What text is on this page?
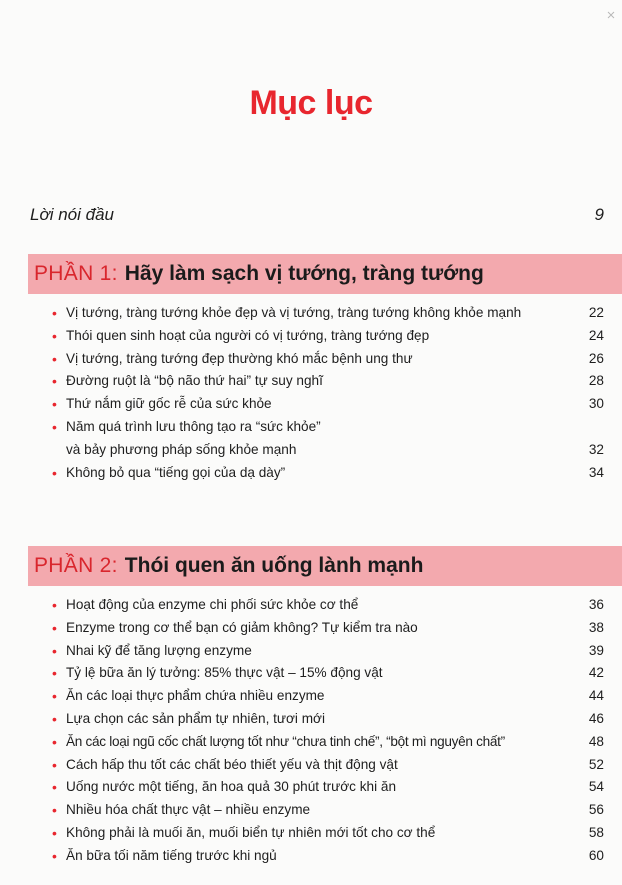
Mục lục
Lời nói đầu	9
PHẦN 1: Hãy làm sạch vị tướng, tràng tướng
• Vị tướng, tràng tướng khỏe đẹp và vị tướng, tràng tướng không khỏe mạnh	22
• Thói quen sinh hoạt của người có vị tướng, tràng tướng đẹp	24
• Vị tướng, tràng tướng đẹp thường khó mắc bệnh ung thư	26
• Đường ruột là “bộ não thứ hai” tự suy nghĩ	28
• Thứ nắm giữ gốc rễ của sức khỏe	30
• Năm quá trình lưu thông tạo ra “sức khỏe”
và bảy phương pháp sống khỏe mạnh	32
• Không bỏ qua “tiếng gọi của dạ dày”	34
PHẦN 2: Thói quen ăn uống lành mạnh
• Hoạt động của enzyme chi phối sức khỏe cơ thể	36
• Enzyme trong cơ thể bạn có giảm không? Tự kiểm tra nào	38
• Nhai kỹ để tăng lượng enzyme	39
• Tỷ lệ bữa ăn lý tưởng: 85% thực vật – 15% động vật	42
• Ăn các loại thực phẩm chứa nhiều enzyme	44
• Lựa chọn các sản phẩm tự nhiên, tươi mới	46
• Ăn các loại ngũ cốc chất lượng tốt như “chưa tinh chế”, “bột mì nguyên chất”	48
• Cách hấp thu tốt các chất béo thiết yếu và thịt động vật	52
• Uống nước một tiếng, ăn hoa quả 30 phút trước khi ăn	54
• Nhiều hóa chất thực vật – nhiều enzyme	56
• Không phải là muối ăn, muối biển tự nhiên mới tốt cho cơ thể	58
• Ăn bữa tối năm tiếng trước khi ngủ	60
